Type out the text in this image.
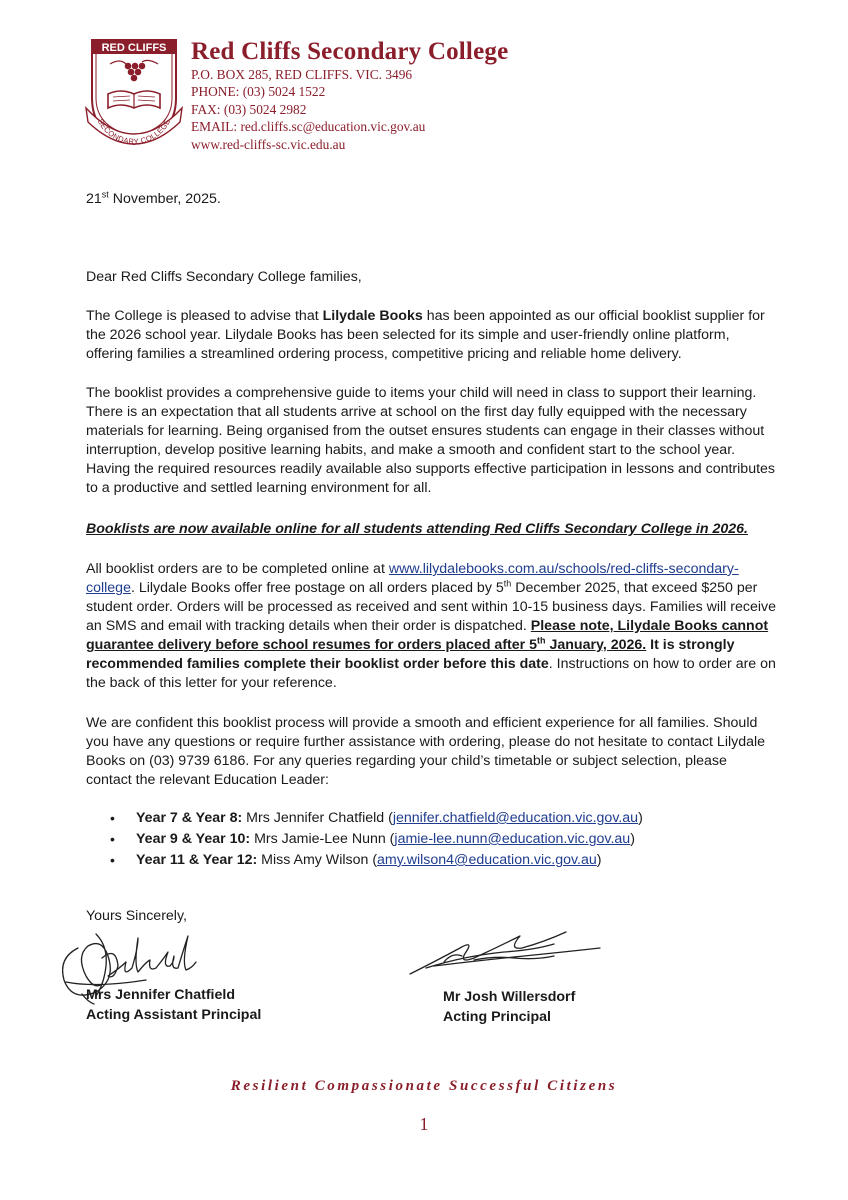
RED CLIFFS
SECONDARY COLLEGE
Red Cliffs Secondary College
P.O. BOX 285, RED CLIFFS. VIC. 3496
PHONE: (03) 5024 1522
FAX: (03) 5024 2982
EMAIL: red.cliffs.sc@education.vic.gov.au
www.red-cliffs-sc.vic.edu.au
21st November, 2025.
Dear Red Cliffs Secondary College families,
The College is pleased to advise that Lilydale Books has been appointed as our official booklist supplier for the 2026 school year. Lilydale Books has been selected for its simple and user-friendly online platform, offering families a streamlined ordering process, competitive pricing and reliable home delivery.
The booklist provides a comprehensive guide to items your child will need in class to support their learning. There is an expectation that all students arrive at school on the first day fully equipped with the necessary materials for learning. Being organised from the outset ensures students can engage in their classes without interruption, develop positive learning habits, and make a smooth and confident start to the school year. Having the required resources readily available also supports effective participation in lessons and contributes to a productive and settled learning environment for all.
Booklists are now available online for all students attending Red Cliffs Secondary College in 2026.
All booklist orders are to be completed online at www.lilydalebooks.com.au/schools/red-cliffs-secondary-college. Lilydale Books offer free postage on all orders placed by 5th December 2025, that exceed $250 per student order. Orders will be processed as received and sent within 10-15 business days. Families will receive an SMS and email with tracking details when their order is dispatched. Please note, Lilydale Books cannot guarantee delivery before school resumes for orders placed after 5th January, 2026. It is strongly recommended families complete their booklist order before this date. Instructions on how to order are on the back of this letter for your reference.
We are confident this booklist process will provide a smooth and efficient experience for all families. Should you have any questions or require further assistance with ordering, please do not hesitate to contact Lilydale Books on (03) 9739 6186. For any queries regarding your child’s timetable or subject selection, please contact the relevant Education Leader:
• Year 7 & Year 8: Mrs Jennifer Chatfield (jennifer.chatfield@education.vic.gov.au)
• Year 9 & Year 10: Mrs Jamie-Lee Nunn (jamie-lee.nunn@education.vic.gov.au)
• Year 11 & Year 12: Miss Amy Wilson (amy.wilson4@education.vic.gov.au)
Yours Sincerely,
Mrs Jennifer Chatfield
Acting Assistant Principal
Mr Josh Willersdorf
Acting Principal
Resilient Compassionate Successful Citizens
1
